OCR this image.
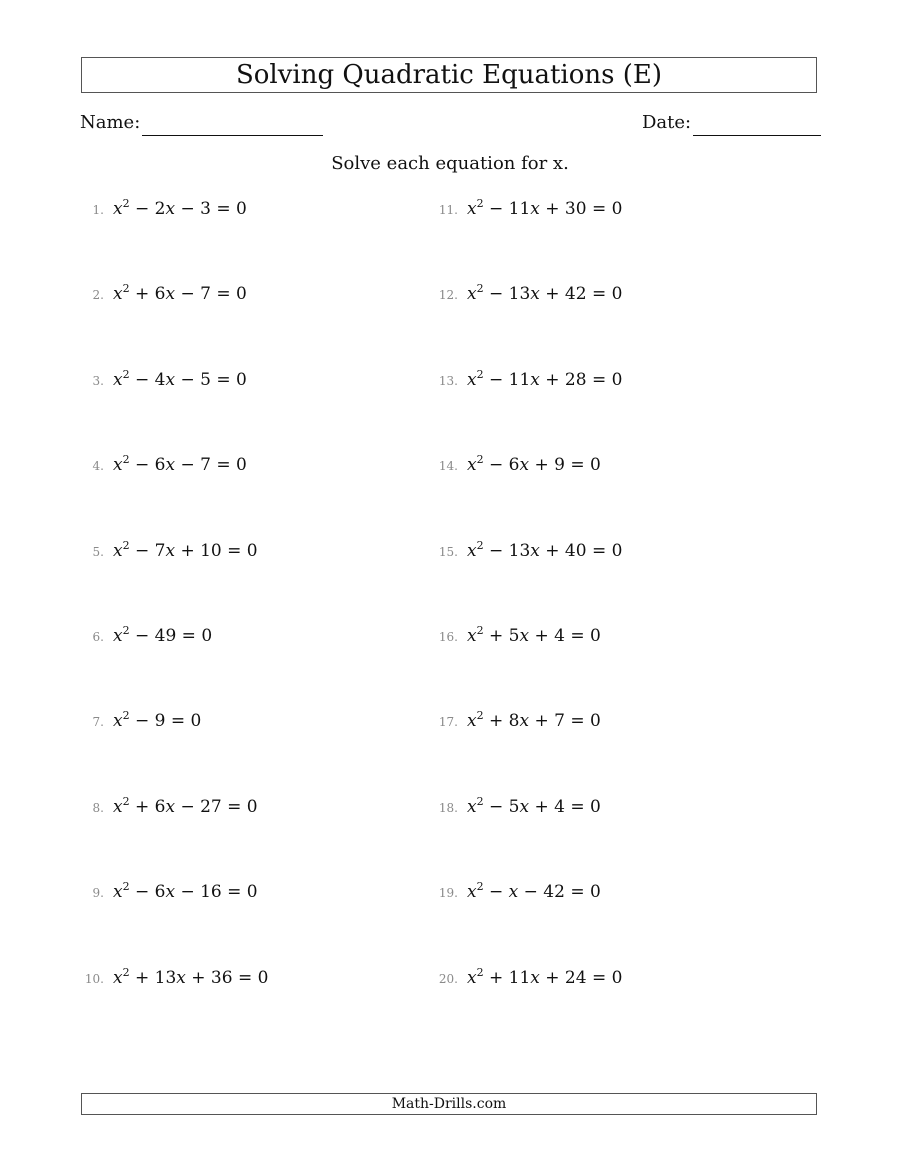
Solving Quadratic Equations (E)
Name:	Date:
Solve each equation for x.
1. $x^2 - 2x - 3 = 0$
2. $x^2 + 6x - 7 = 0$
3. $x^2 - 4x - 5 = 0$
4. $x^2 - 6x - 7 = 0$
5. $x^2 - 7x + 10 = 0$
6. $x^2 - 49 = 0$
7. $x^2 - 9 = 0$
8. $x^2 + 6x - 27 = 0$
9. $x^2 - 6x - 16 = 0$
10. $x^2 + 13x + 36 = 0$
11. $x^2 - 11x + 30 = 0$
12. $x^2 - 13x + 42 = 0$
13. $x^2 - 11x + 28 = 0$
14. $x^2 - 6x + 9 = 0$
15. $x^2 - 13x + 40 = 0$
16. $x^2 + 5x + 4 = 0$
17. $x^2 + 8x + 7 = 0$
18. $x^2 - 5x + 4 = 0$
19. $x^2 - x - 42 = 0$
20. $x^2 + 11x + 24 = 0$
Math-Drills.com
